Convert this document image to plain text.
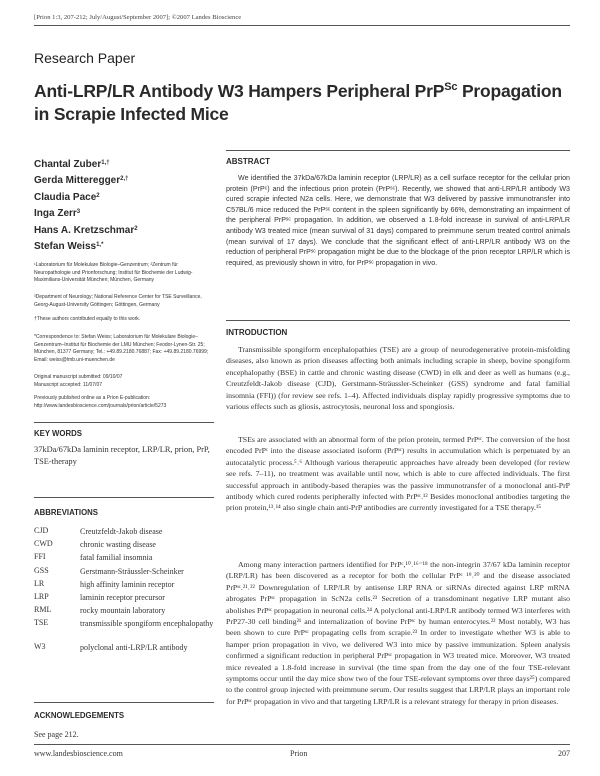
[Prion 1:3, 207-212; July/August/September 2007]; ©2007 Landes Bioscience
Research Paper
Anti-LRP/LR Antibody W3 Hampers Peripheral PrP$^{Sc}$ Propagation
in Scrapie Infected Mice
Chantal Zuber$^{1,\dagger}$
Gerda Mitteregger$^{2,\dagger}$
Claudia Pace$^2$
Inga Zerr$^3$
Hans A. Kretzschmar$^2$
Stefan Weiss$^{1,*}$
¹Laboratorium für Molekulare Biologie–Genzentrum; ²Zentrum für Neuropathologie und Prionforschung; Institut für Biochemie der Ludwig-Maximilians-Universität München; München, Germany
³Department of Neurology; National Reference Center for TSE Surveillance, Georg-August-University Göttingen; Göttingen, Germany
†These authors contributed equally to this work.
*Correspondence to: Stefan Weiss; Laboratorium für Molekulare Biologie–Genzentrum–Institut für Biochemie der LMU München; Feodor-Lynen-Str. 25; München, 81377 Germany; Tel.: +49.89.2180.76887; Fax: +49.89.2180.76999; Email: weiss@lmb.uni-muenchen.de
Original manuscript submitted: 09/10/07
Manuscript accepted: 11/07/07
Previously published online as a Prion E-publication:
http://www.landesbioscience.com/journals/prion/article/5273
KEY WORDS
37kDa/67kDa laminin receptor, LRP/LR, prion, PrP, TSE-therapy
ABBREVIATIONS
CJD	Creutzfeldt-Jakob disease
CWD	chronic wasting disease
FFI	fatal familial insomnia
GSS	Gerstmann-Sträussler-Scheinker
LR	high affinity laminin receptor
LRP	laminin receptor precursor
RML	rocky mountain laboratory
TSE	transmissible spongiform encephalopathy
W3	polyclonal anti-LRP/LR antibody
ACKNOWLEDGEMENTS
See page 212.
ABSTRACT

We identified the 37kDa/67kDa laminin receptor (LRP/LR) as a cell surface receptor for the cellular prion protein (PrPᶜ) and the infectious prion protein (PrPˢᶜ). Recently, we showed that anti-LRP/LR antibody W3 cured scrapie infected N2a cells. Here, we demonstrate that W3 delivered by passive immunotransfer into C57BL/6 mice reduced the PrPˢᶜ content in the spleen significantly by 66%, demonstrating an impairment of the peripheral PrPˢᶜ propagation. In addition, we observed a 1.8-fold increase in survival of anti-LRP/LR antibody W3 treated mice (mean survival of 31 days) compared to preimmune serum treated control animals (mean survival of 17 days). We conclude that the significant effect of anti-LRP/LR antibody W3 on the reduction of peripheral PrPˢᶜ propagation might be due to the blockage of the prion receptor LRP/LR which is required, as previously shown in vitro, for PrPˢᶜ propagation in vivo.

INTRODUCTION

Transmissible spongiform encephalopathies (TSE) are a group of neurodegenerative protein-misfolding diseases, also known as prion diseases affecting both animals including scrapie in sheep, bovine spongiform encephalopathy (BSE) in cattle and chronic wasting disease (CWD) in elk and deer as well as humans (e.g., Creutzfeldt-Jakob disease (CJD), Gerstmann-Sträussler-Scheinker (GSS) syndrome and fatal familial insomnia (FFI)) (for review see refs. 1–4). Affected individuals display rapidly progressive symptoms due to various effects such as gliosis, astrocytosis, neuronal loss and spongiosis.

TSEs are associated with an abnormal form of the prion protein, termed PrPˢᶜ. The conversion of the host encoded PrPᶜ into the disease associated isoform (PrPˢᶜ) results in accumulation which is perpetuated by an autocatalytic process.⁵˒⁶ Although various therapeutic approaches have already been developed (for review see refs. 7–11), no treatment was available until now, which is able to cure affected individuals. The first successful approach in antibody-based therapies was the passive immunotransfer of a monoclonal anti-PrP antibody which cured rodents peripherally infected with PrPˢᶜ.¹² Besides monoclonal antibodies targeting the prion protein,¹³˒¹⁴ also single chain anti-PrP antibodies are currently investigated for a TSE therapy.¹⁵

Among many interaction partners identified for PrPᶜ,¹⁰˒¹⁶⁻¹⁸ the non-integrin 37/67 kDa laminin receptor (LRP/LR) has been discovered as a receptor for both the cellular PrPᶜ ¹⁹˒²⁰ and the disease associated PrPˢᶜ.²¹˒²² Downregulation of LRP/LR by antisense LRP RNA or siRNAs directed against LRP mRNA abrogates PrPˢᶜ propagation in ScN2a cells.²³ Secretion of a transdominant negative LRP mutant also abolishes PrPˢᶜ propagation in neuronal cells.²⁴ A polyclonal anti-LRP/LR antibody termed W3 interferes with PrP27-30 cell binding²¹ and internalization of bovine PrPˢᶜ by human enterocytes.²² Most notably, W3 has been shown to cure PrPˢᶜ propagating cells from scrapie.²³ In order to investigate whether W3 is able to hamper prion propagation in vivo, we delivered W3 into mice by passive immunization. Spleen analysis confirmed a significant reduction in peripheral PrPˢᶜ propagation in W3 treated mice. Moreover, W3 treated mice revealed a 1.8-fold increase in survival (the time span from the day one of the four TSE-relevant symptoms occur until the day mice show two of the four TSE-relevant symptoms over three days²⁵) compared to the control group injected with preimmune serum. Our results suggest that LRP/LR plays an important role for PrPˢᶜ propagation in vivo and that targeting LRP/LR is a relevant strategy for therapy in prion diseases.

www.landesbioscience.com	Prion	207
